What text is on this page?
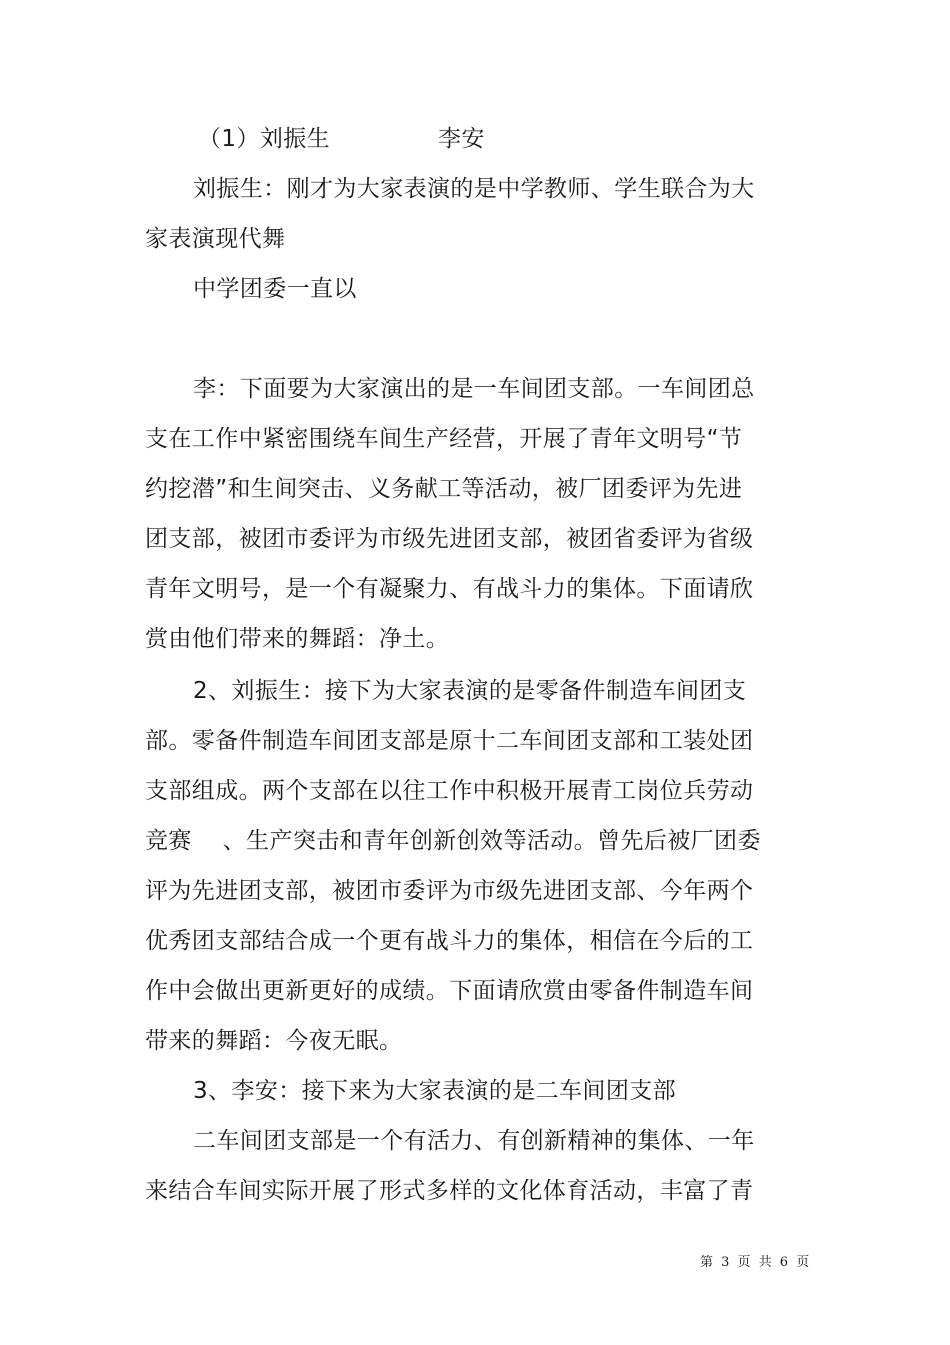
（1）刘振生              李安
刘振生：刚才为大家表演的是中学教师、学生联合为大
家表演现代舞
中学团委一直以
李：下面要为大家演出的是一车间团支部。一车间团总
支在工作中紧密围绕车间生产经营，开展了青年文明号“节
约挖潜”和生间突击、义务献工等活动，被厂团委评为先进
团支部，被团市委评为市级先进团支部，被团省委评为省级
青年文明号，是一个有凝聚力、有战斗力的集体。下面请欣
赏由他们带来的舞蹈：净土。
2、刘振生：接下为大家表演的是零备件制造车间团支
部。零备件制造车间团支部是原十二车间团支部和工装处团
支部组成。两个支部在以往工作中积极开展青工岗位兵劳动
竞赛    、生产突击和青年创新创效等活动。曾先后被厂团委
评为先进团支部，被团市委评为市级先进团支部、今年两个
优秀团支部结合成一个更有战斗力的集体，相信在今后的工
作中会做出更新更好的成绩。下面请欣赏由零备件制造车间
带来的舞蹈：今夜无眠。
3、李安：接下来为大家表演的是二车间团支部
二车间团支部是一个有活力、有创新精神的集体、一年
来结合车间实际开展了形式多样的文化体育活动，丰富了青
第 3 页 共 6 页
